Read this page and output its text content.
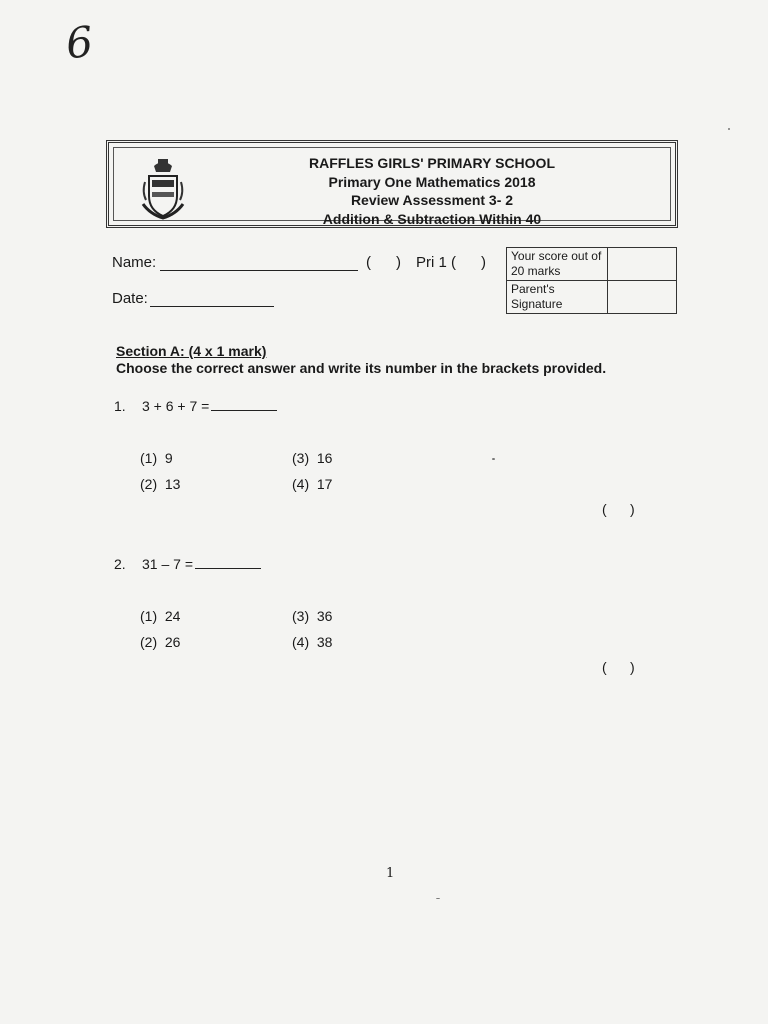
6
RAFFLES GIRLS' PRIMARY SCHOOL
Primary One Mathematics 2018
Review Assessment 3- 2
Addition & Subtraction Within 40
Name:	(      ) Pri 1 (      )
Date:
Your score out of 20 marks	
Parent's Signature	
Section A: (4 x 1 mark)
Choose the correct answer and write its number in the brackets provided.
1. 3 + 6 + 7 =
(1)  9
(2)  13
(3)  16
(4)  17
(      )
2. 31 – 7 =
(1)  24
(2)  26
(3)  36
(4)  38
(      )
1
